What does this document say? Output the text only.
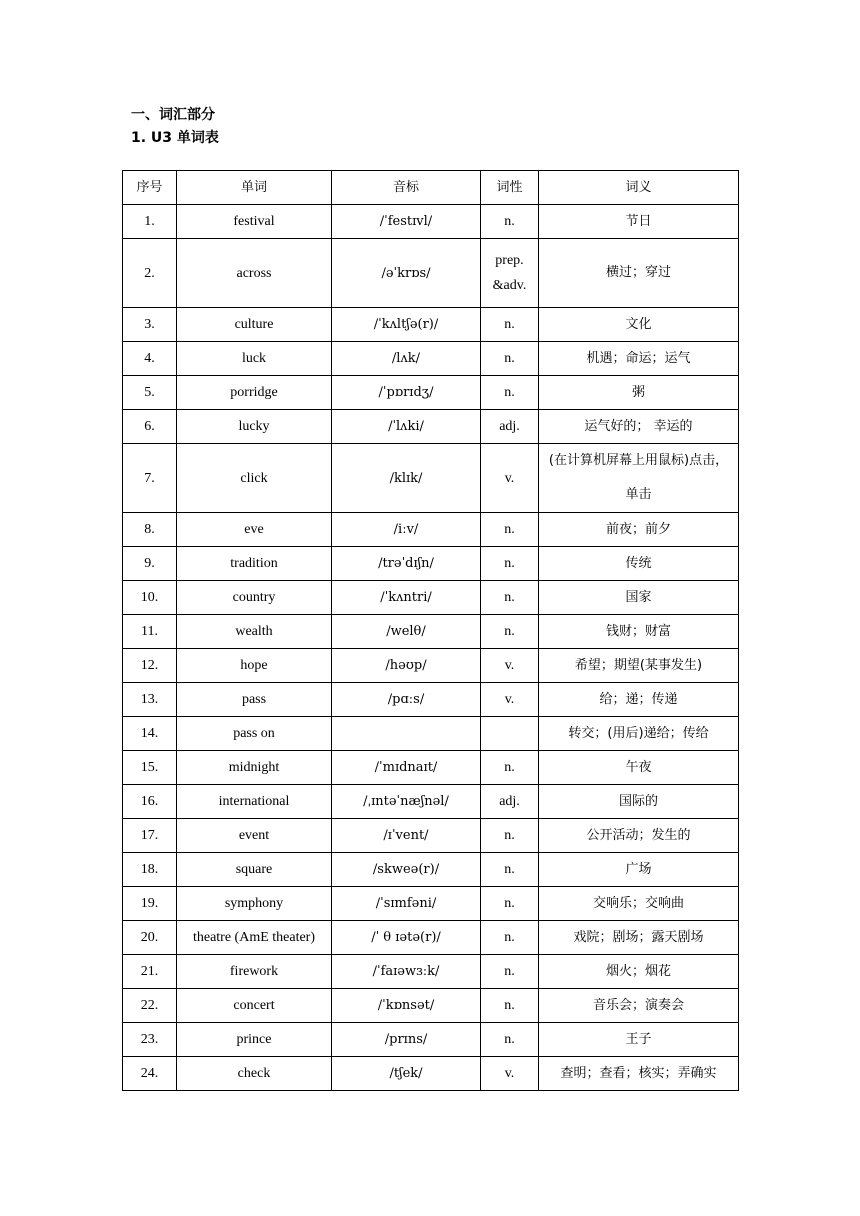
一、词汇部分

1. U3 单词表

序号	单词	音标	词性	词义
1.	festival	/ˈfestɪvl/	n.	节日
2.	across	/əˈkrɒs/	prep. &adv.	横过；穿过
3.	culture	/ˈkʌltʃə(r)/	n.	文化
4.	luck	/lʌk/	n.	机遇；命运；运气
5.	porridge	/ˈpɒrɪdʒ/	n.	粥
6.	lucky	/ˈlʌki/	adj.	运气好的； 幸运的
7.	click	/klɪk/	v.	(在计算机屏幕上用鼠标)点击，单击
8.	eve	/iːv/	n.	前夜；前夕
9.	tradition	/trəˈdɪʃn/	n.	传统
10.	country	/ˈkʌntri/	n.	国家
11.	wealth	/welθ/	n.	钱财；财富
12.	hope	/həʊp/	v.	希望；期望(某事发生)
13.	pass	/pɑːs/	v.	给；递；传递
14.	pass on			转交；(用后)递给；传给
15.	midnight	/ˈmɪdnaɪt/	n.	午夜
16.	international	/ˌɪntəˈnæʃnəl/	adj.	国际的
17.	event	/ɪˈvent/	n.	公开活动；发生的
18.	square	/skweə(r)/	n.	广场
19.	symphony	/ˈsɪmfəni/	n.	交响乐；交响曲
20.	theatre (AmE theater)	/ˈ θ ɪətə(r)/	n.	戏院；剧场；露天剧场
21.	firework	/ˈfaɪəwɜːk/	n.	烟火；烟花
22.	concert	/ˈkɒnsət/	n.	音乐会；演奏会
23.	prince	/prɪns/	n.	王子
24.	check	/tʃek/	v.	查明；查看；核实；弄确实
